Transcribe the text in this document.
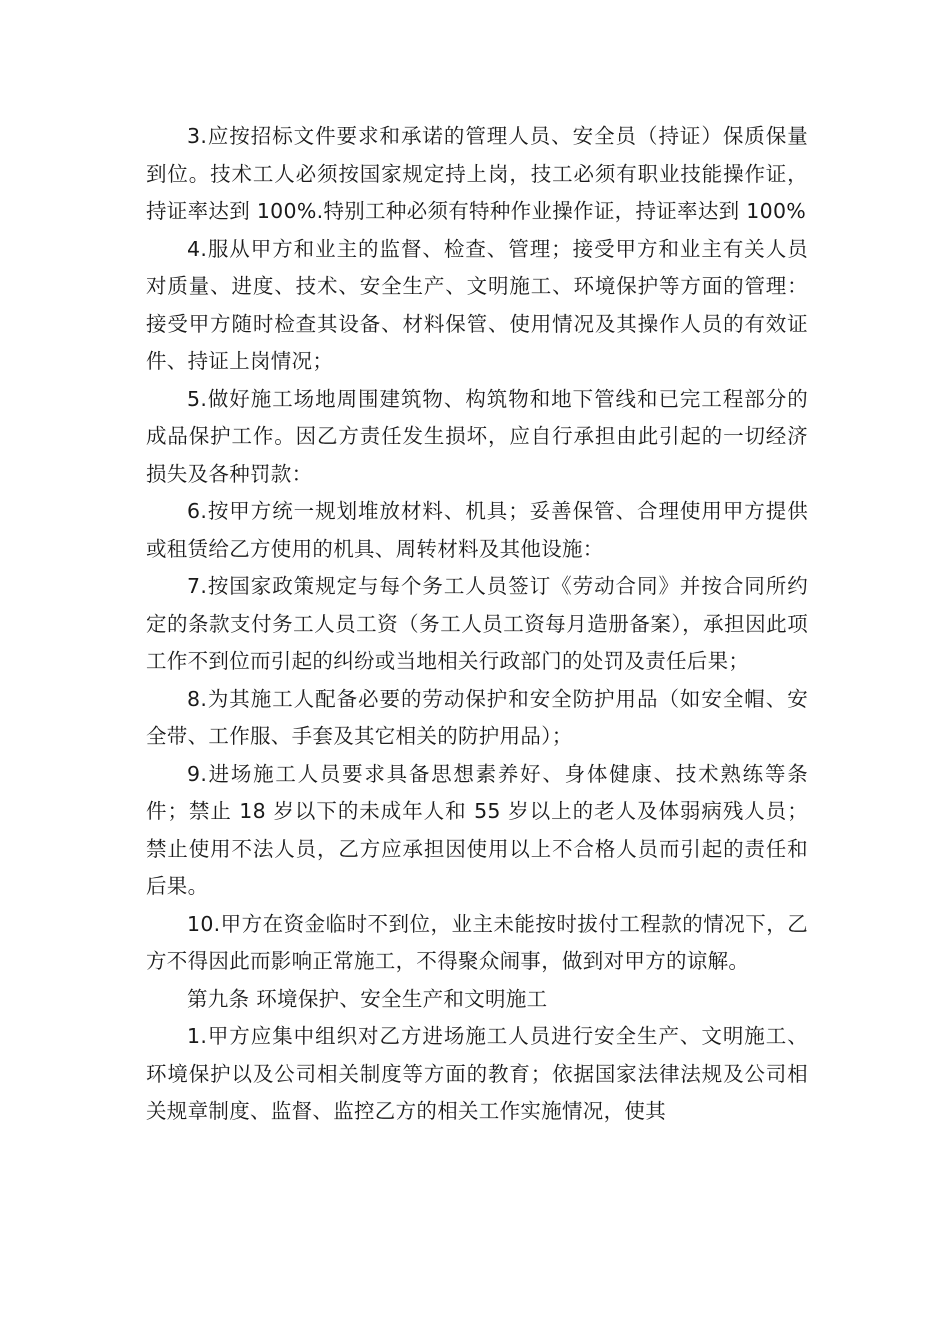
3.应按招标文件要求和承诺的管理人员、安全员（持证）保质保量到位。技术工人必须按国家规定持上岗，技工必须有职业技能操作证，持证率达到 100%.特别工种必须有特种作业操作证，持证率达到 100%

4.服从甲方和业主的监督、检查、管理；接受甲方和业主有关人员对质量、进度、技术、安全生产、文明施工、环境保护等方面的管理：接受甲方随时检查其设备、材料保管、使用情况及其操作人员的有效证件、持证上岗情况；

5.做好施工场地周围建筑物、构筑物和地下管线和已完工程部分的成品保护工作。因乙方责任发生损坏，应自行承担由此引起的一切经济损失及各种罚款：

6.按甲方统一规划堆放材料、机具；妥善保管、合理使用甲方提供或租赁给乙方使用的机具、周转材料及其他设施：

7.按国家政策规定与每个务工人员签订《劳动合同》并按合同所约定的条款支付务工人员工资（务工人员工资每月造册备案），承担因此项工作不到位而引起的纠纷或当地相关行政部门的处罚及责任后果；

8.为其施工人配备必要的劳动保护和安全防护用品（如安全帽、安全带、工作服、手套及其它相关的防护用品）；

9.进场施工人员要求具备思想素养好、身体健康、技术熟练等条件；禁止 18 岁以下的未成年人和 55 岁以上的老人及体弱病残人员；禁止使用不法人员，乙方应承担因使用以上不合格人员而引起的责任和后果。

10.甲方在资金临时不到位，业主未能按时拔付工程款的情况下，乙方不得因此而影响正常施工，不得聚众闹事，做到对甲方的谅解。

第九条 环境保护、安全生产和文明施工

1.甲方应集中组织对乙方进场施工人员进行安全生产、文明施工、环境保护以及公司相关制度等方面的教育；依据国家法律法规及公司相关规章制度、监督、监控乙方的相关工作实施情况，使其
